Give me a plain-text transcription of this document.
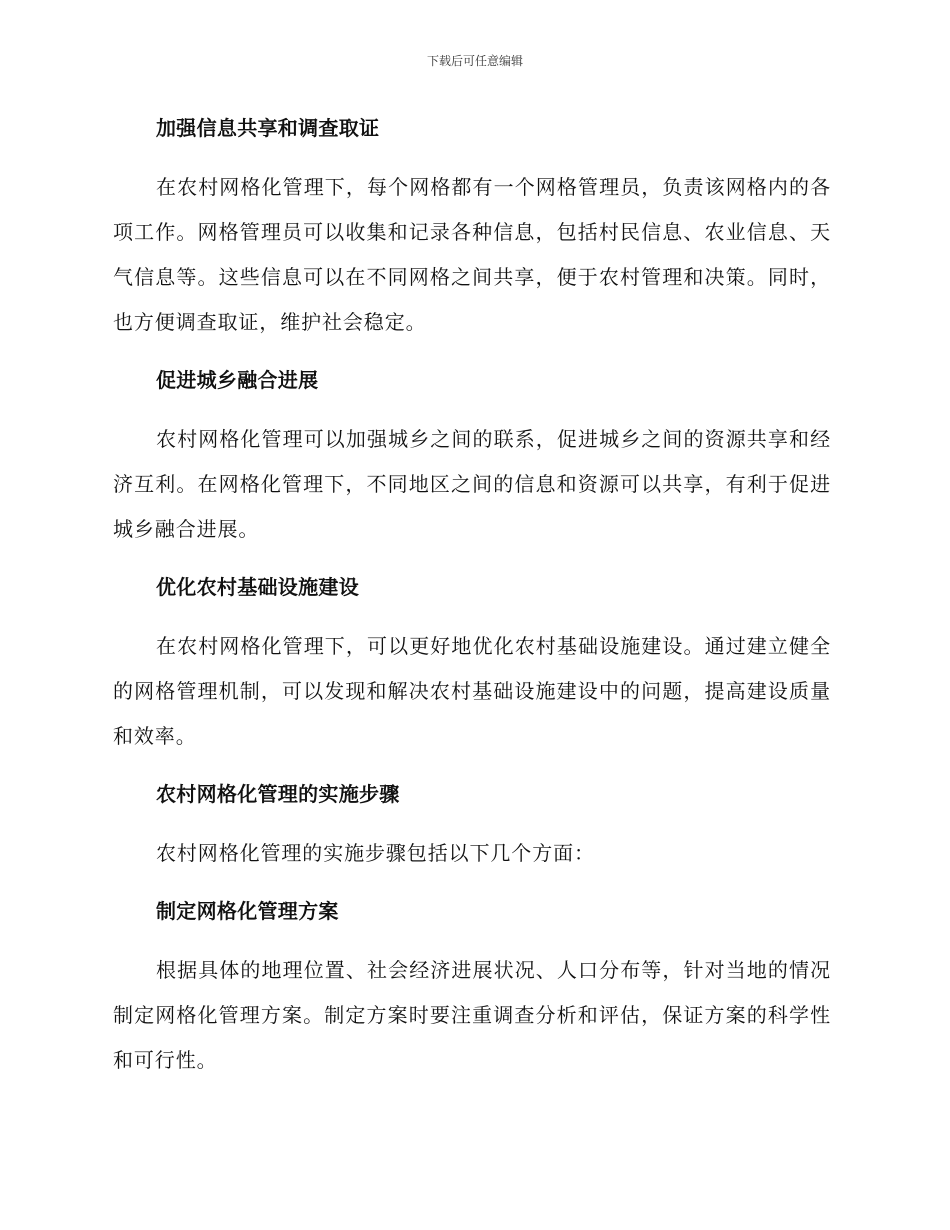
下载后可任意编辑
加强信息共享和调查取证

在农村网格化管理下，每个网格都有一个网格管理员，负责该网格内的各项工作。网格管理员可以收集和记录各种信息，包括村民信息、农业信息、天气信息等。这些信息可以在不同网格之间共享，便于农村管理和决策。同时，也方便调查取证，维护社会稳定。

促进城乡融合进展

农村网格化管理可以加强城乡之间的联系，促进城乡之间的资源共享和经济互利。在网格化管理下，不同地区之间的信息和资源可以共享，有利于促进城乡融合进展。

优化农村基础设施建设

在农村网格化管理下，可以更好地优化农村基础设施建设。通过建立健全的网格管理机制，可以发现和解决农村基础设施建设中的问题，提高建设质量和效率。

农村网格化管理的实施步骤

农村网格化管理的实施步骤包括以下几个方面：

制定网格化管理方案

根据具体的地理位置、社会经济进展状况、人口分布等，针对当地的情况制定网格化管理方案。制定方案时要注重调查分析和评估，保证方案的科学性和可行性。
